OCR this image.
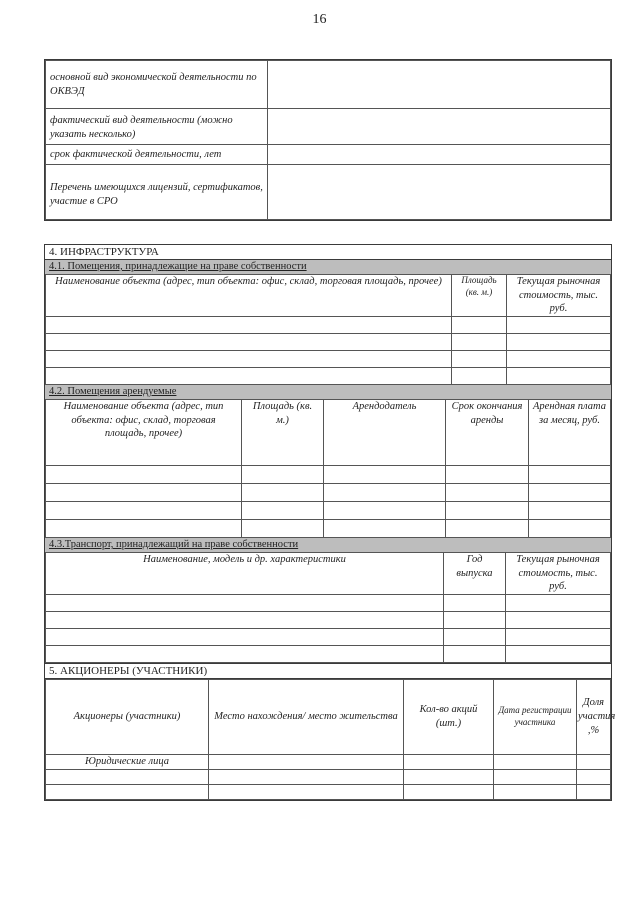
16
основной вид экономической деятельности по ОКВЭД	
фактический вид деятельности (можно указать несколько)	
срок фактической деятельности, лет	
Перечень имеющихся лицензий, сертификатов, участие в СРО	
4. ИНФРАСТРУКТУРА
4.1. Помещения, принадлежащие на праве собственности
Наименование объекта (адрес, тип объекта: офис, склад, торговая площадь, прочее)	Площадь (кв. м.)	Текущая рыночная стоимость, тыс. руб.

4.2. Помещения арендуемые
Наименование объекта (адрес, тип объекта: офис, склад, торговая площадь, прочее)	Площадь (кв. м.)	Арендодатель	Срок окончания аренды	Арендная плата за месяц, руб.

4.3.Транспорт, принадлежащий на праве собственности
Наименование, модель и др. характеристики	Год выпуска	Текущая рыночная стоимость, тыс. руб.

5. АКЦИОНЕРЫ (УЧАСТНИКИ)
Акционеры (участники)	Место нахождения/ место жительства	Кол-во акций (шт.)	Дата регистрации участника	Доля участия ,%
Юридические лица				
